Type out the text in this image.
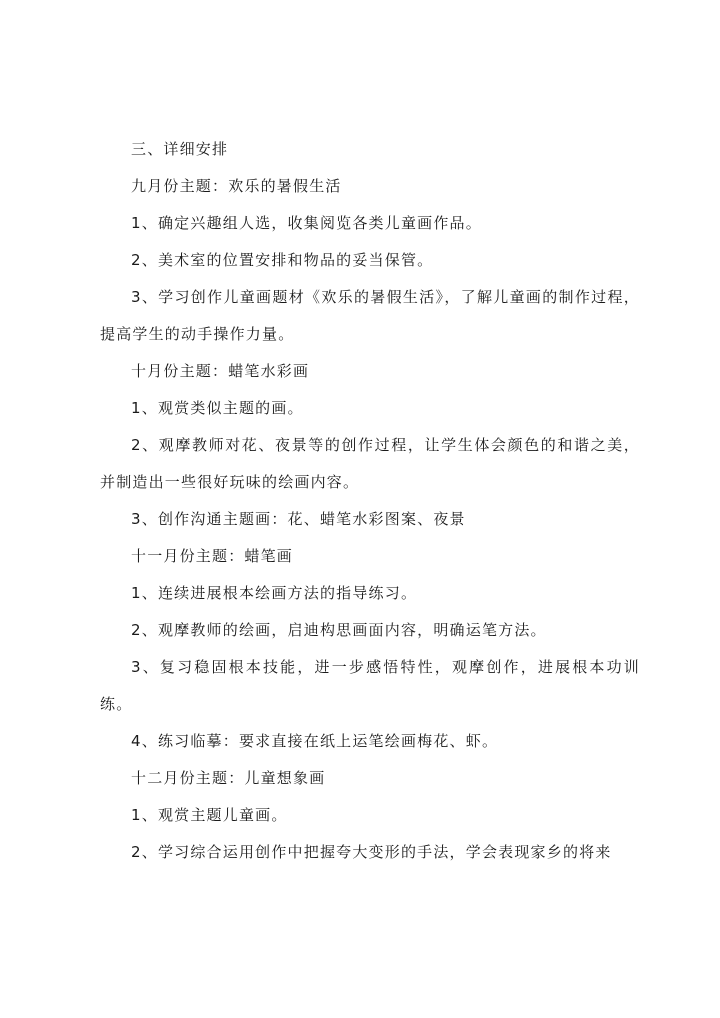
三、详细安排

九月份主题：欢乐的暑假生活

1、确定兴趣组人选，收集阅览各类儿童画作品。

2、美术室的位置安排和物品的妥当保管。

3、学习创作儿童画题材《欢乐的暑假生活》，了解儿童画的制作过程，提高学生的动手操作力量。

十月份主题：蜡笔水彩画

1、观赏类似主题的画。

2、观摩教师对花、夜景等的创作过程，让学生体会颜色的和谐之美，并制造出一些很好玩味的绘画内容。

3、创作沟通主题画：花、蜡笔水彩图案、夜景

十一月份主题：蜡笔画

1、连续进展根本绘画方法的指导练习。

2、观摩教师的绘画，启迪构思画面内容，明确运笔方法。

3、复习稳固根本技能，进一步感悟特性，观摩创作，进展根本功训练。

4、练习临摹：要求直接在纸上运笔绘画梅花、虾。

十二月份主题：儿童想象画

1、观赏主题儿童画。

2、学习综合运用创作中把握夸大变形的手法，学会表现家乡的将来
